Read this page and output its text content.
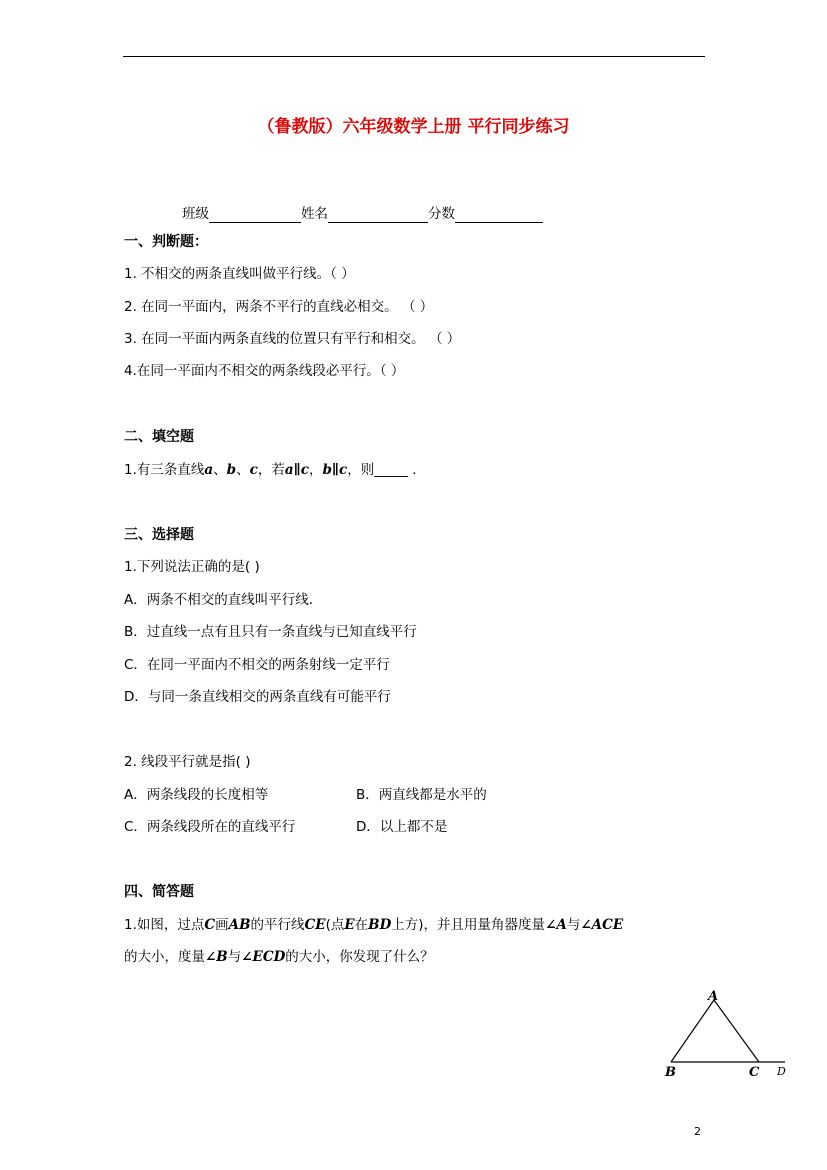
（鲁教版）六年级数学上册 平行同步练习
班级	姓名	分数
一、判断题：
1. 不相交的两条直线叫做平行线。（ ）
2. 在同一平面内，两条不平行的直线必相交。 （ ）
3. 在同一平面内两条直线的位置只有平行和相交。 （ ）
4.在同一平面内不相交的两条线段必平行。（ ）
二、填空题
1.有三条直线a、b、c，若a∥c，b∥c，则_____ .
三、选择题
1.下列说法正确的是( )
A．两条不相交的直线叫平行线．
B．过直线一点有且只有一条直线与已知直线平行
C．在同一平面内不相交的两条射线一定平行
D．与同一条直线相交的两条直线有可能平行
2. 线段平行就是指( )
A．两条线段的长度相等	B．两直线都是水平的
C．两条线段所在的直线平行	D．以上都不是
四、简答题
1.如图，过点C画AB的平行线CE(点E在BD上方)，并且用量角器度量∠A与∠ACE
的大小，度量∠B与∠ECD的大小，你发现了什么？
A
B	C D
2
